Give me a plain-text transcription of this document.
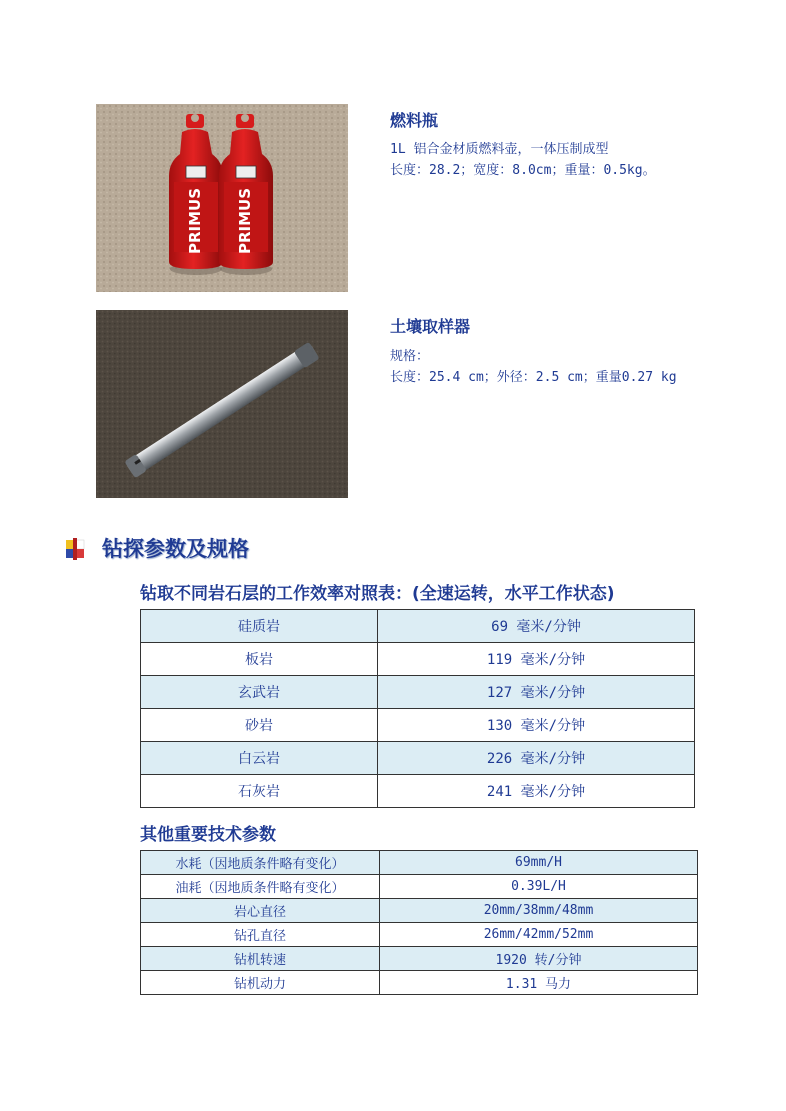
PRIMUS PRIMUS
燃料瓶
1L 铝合金材质燃料壶，一体压制成型
长度：28.2；宽度：8.0cm；重量：0.5kg。
土壤取样器
规格：
长度：25.4 cm；外径：2.5 cm；重量0.27 kg
钻探参数及规格
钻取不同岩石层的工作效率对照表：(全速运转，水平工作状态)
硅质岩	69 毫米/分钟
板岩	119 毫米/分钟
玄武岩	127 毫米/分钟
砂岩	130 毫米/分钟
白云岩	226 毫米/分钟
石灰岩	241 毫米/分钟
其他重要技术参数
水耗（因地质条件略有变化）	69mm/H
油耗（因地质条件略有变化）	0.39L/H
岩心直径	20mm/38mm/48mm
钻孔直径	26mm/42mm/52mm
钻机转速	1920 转/分钟
钻机动力	1.31 马力
